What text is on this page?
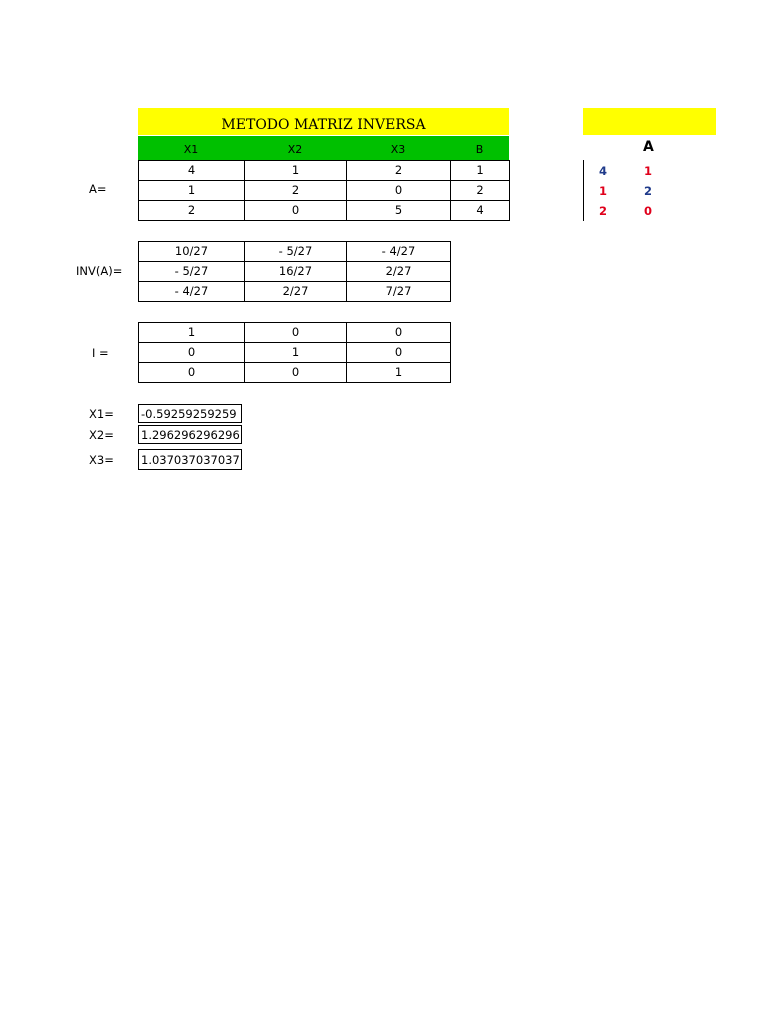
METODO MATRIZ INVERSA
X1	X2	X3	B
A=
4	1	2	1
1	2	0	2
2	0	5	4
INV(A)=
10/27	- 5/27	- 4/27
- 5/27	16/27	2/27
- 4/27	2/27	7/27
I =
1	0	0
0	1	0
0	0	1
X1= -0.59259259259
X2= 1.296296296296
X3= 1.037037037037
A
4	1
1	2
2	0
